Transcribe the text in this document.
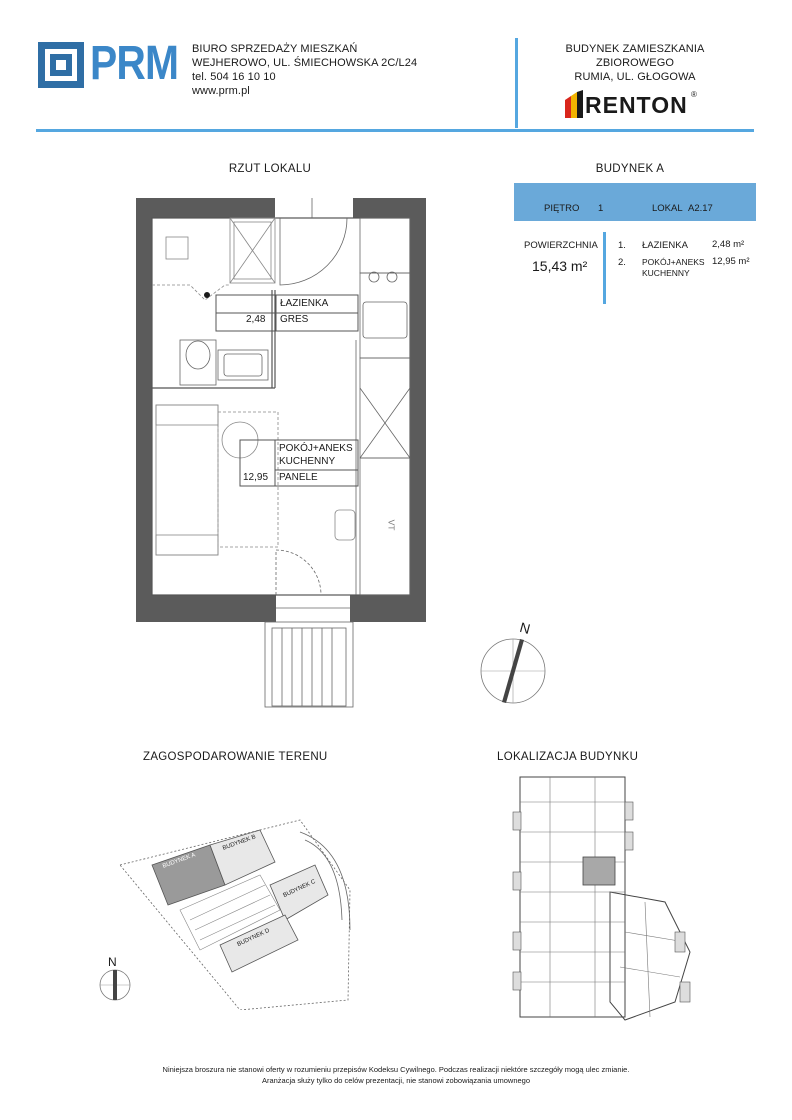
PRM BIURO SPRZEDAŻY MIESZKAŃ
WEJHEROWO, UL. ŚMIECHOWSKA 2C/L24
tel. 504 16 10 10
www.prm.pl
BUDYNEK ZAMIESZKANIA
ZBIOROWEGO
RUMIA, UL. GŁOGOWA
RENTON ®
RZUT LOKALU
ŁAZIENKA
2,48 GRES
POKÓJ+ANEKS
KUCHENNY
12,95 PANELE
VT
N
BUDYNEK A
PIĘTRO 1	LOKAL A2.17
POWIERZCHNIA
15,43 m²
1. ŁAZIENKA	2,48 m²
2. POKÓJ+ANEKS
KUCHENNY
12,95 m²
ZAGOSPODAROWANIE TERENU
BUDYNEK A
BUDYNEK B
BUDYNEK C
BUDYNEK D
N
LOKALIZACJA BUDYNKU
Niniejsza broszura nie stanowi oferty w rozumieniu przepisów Kodeksu Cywilnego. Podczas realizacji niektóre szczegóły mogą ulec zmianie.
Aranżacja służy tylko do celów prezentacji, nie stanowi zobowiązania umownego
